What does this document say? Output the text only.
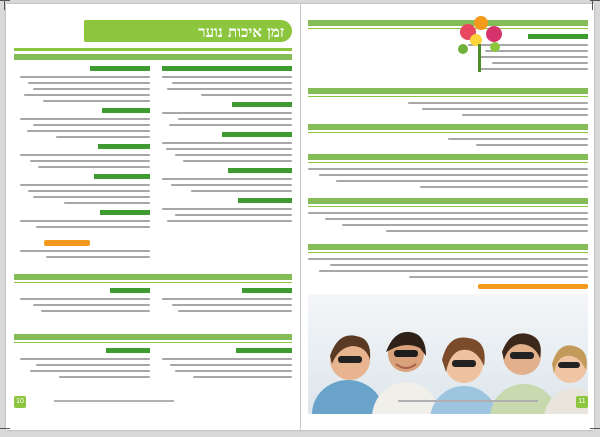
זמן איכות נוער
10	11
